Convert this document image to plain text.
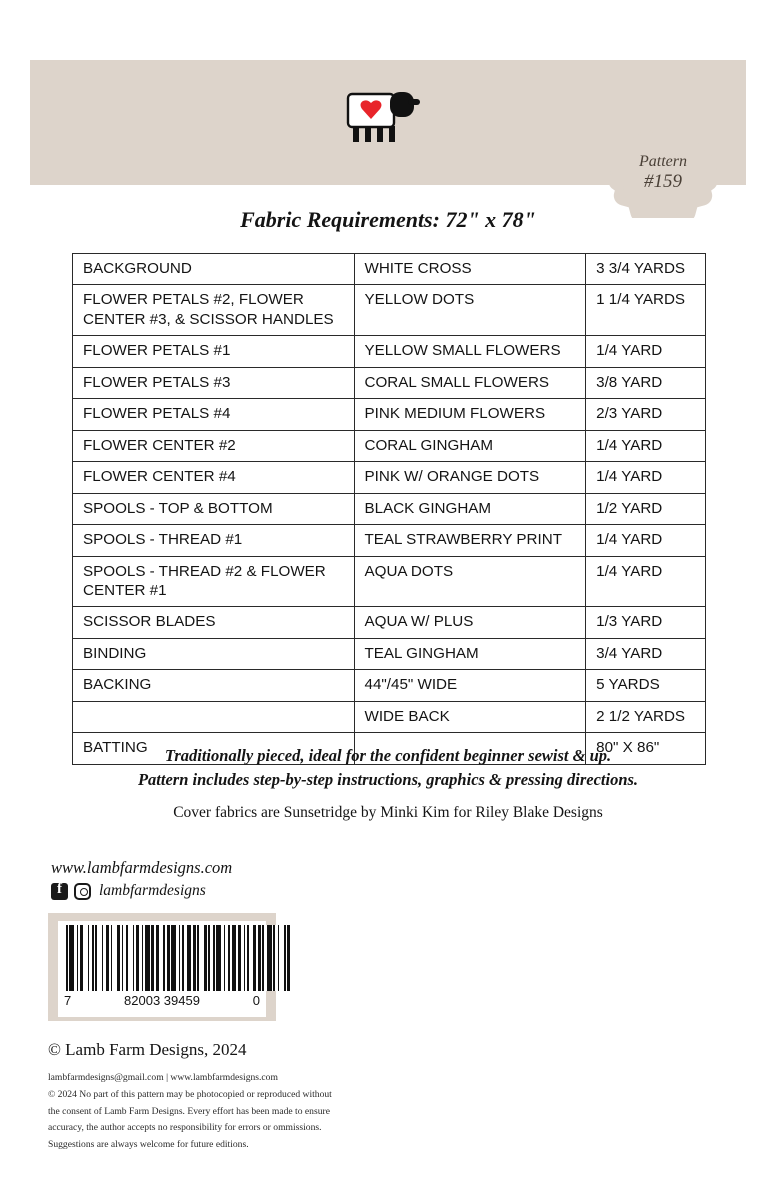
Pattern
#159
Fabric Requirements: 72" x 78"
BACKGROUND	WHITE CROSS	3 3/4 YARDS
FLOWER PETALS #2, FLOWER CENTER #3, & SCISSOR HANDLES	YELLOW DOTS	1 1/4 YARDS
FLOWER PETALS #1	YELLOW SMALL FLOWERS	1/4 YARD
FLOWER PETALS #3	CORAL SMALL FLOWERS	3/8 YARD
FLOWER PETALS #4	PINK MEDIUM FLOWERS	2/3 YARD
FLOWER CENTER #2	CORAL GINGHAM	1/4 YARD
FLOWER CENTER #4	PINK W/ ORANGE DOTS	1/4 YARD
SPOOLS - TOP & BOTTOM	BLACK GINGHAM	1/2 YARD
SPOOLS - THREAD #1	TEAL STRAWBERRY PRINT	1/4 YARD
SPOOLS - THREAD #2 & FLOWER CENTER #1	AQUA DOTS	1/4 YARD
SCISSOR BLADES	AQUA W/ PLUS	1/3 YARD
BINDING	TEAL GINGHAM	3/4 YARD
BACKING	44"/45" WIDE	5 YARDS
	WIDE BACK	2 1/2 YARDS
BATTING		80" X 86"
Traditionally pieced, ideal for the confident beginner sewist & up.
Pattern includes step-by-step instructions, graphics & pressing directions.
Cover fabrics are Sunsetridge by Minki Kim for Riley Blake Designs
www.lambfarmdesigns.com
f
lambfarmdesigns
7	82003 39459	0
© Lamb Farm Designs, 2024
lambfarmdesigns@gmail.com | www.lambfarmdesigns.com
© 2024 No part of this pattern may be photocopied or reproduced without
the consent of Lamb Farm Designs. Every effort has been made to ensure
accuracy, the author accepts no responsibility for errors or ommissions.
Suggestions are always welcome for future editions.
